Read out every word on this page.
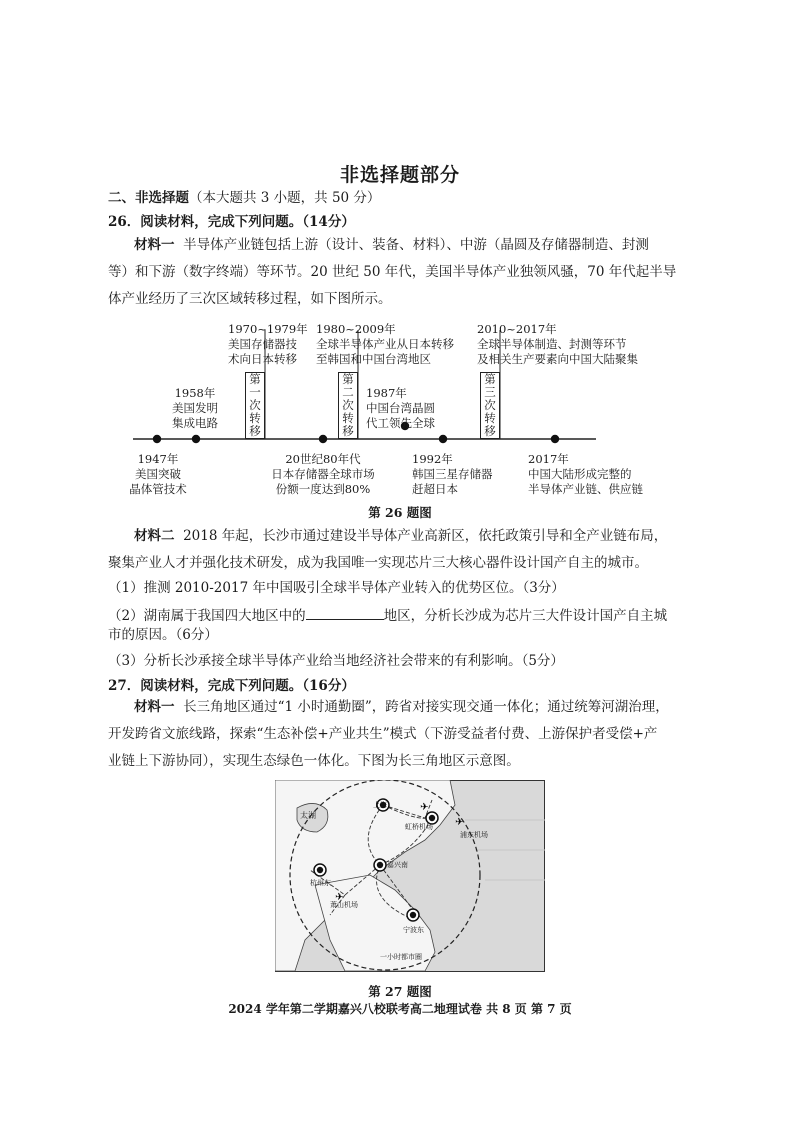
非选择题部分
二、非选择题（本大题共 3 小题，共 50 分）
26．阅读材料，完成下列问题。（14分）
材料一 半导体产业链包括上游（设计、装备、材料）、中游（晶圆及存储器制造、封测
等）和下游（数字终端）等环节。20 世纪 50 年代，美国半导体产业独领风骚，70 年代起半导
体产业经历了三次区域转移过程，如下图所示。
1958年
美国发明
集成电路
1970~1979年
美国存储器技
术向日本转移
1980~2009年
全球半导体产业从日本转移
至韩国和中国台湾地区
1987年
中国台湾晶圆
代工领先全球
2010~2017年
全球半导体制造、封测等环节
及相关生产要素向中国大陆聚集
第
一
次
转
移
第
二
次
转
移
第
三
次
转
移
1947年
美国突破
晶体管技术
20世纪80年代
日本存储器全球市场
份额一度达到80%
1992年
韩国三星存储器
赶超日本
2017年
中国大陆形成完整的
半导体产业链、供应链
第 26 题图
材料二 2018 年起，长沙市通过建设半导体产业高新区，依托政策引导和全产业链布局，
聚集产业人才并强化技术研发，成为我国唯一实现芯片三大核心器件设计国产自主的城市。
（1）推测 2010-2017 年中国吸引全球半导体产业转入的优势区位。（3分）
（2）湖南属于我国四大地区中的	地区，分析长沙成为芯片三大件设计国产自主城
市的原因。（6分）
（3）分析长沙承接全球半导体产业给当地经济社会带来的有利影响。（5分）
27．阅读材料，完成下列问题。（16分）
材料一 长三角地区通过“1 小时通勤圈”，跨省对接实现交通一体化；通过统筹河湖治理，
开发跨省文旅线路，探索“生态补偿+产业共生”模式（下游受益者付费、上游保护者受偿+产
业链上下游协同），实现生态绿色一体化。下图为长三角地区示意图。
✈
✈
✈
太湖
上海
虹桥机场
浦东机场
嘉兴南
杭州东
萧山机场
宁波东
一小时都市圈
第 27 题图
2024 学年第二学期嘉兴八校联考高二地理试卷 共 8 页 第 7 页
